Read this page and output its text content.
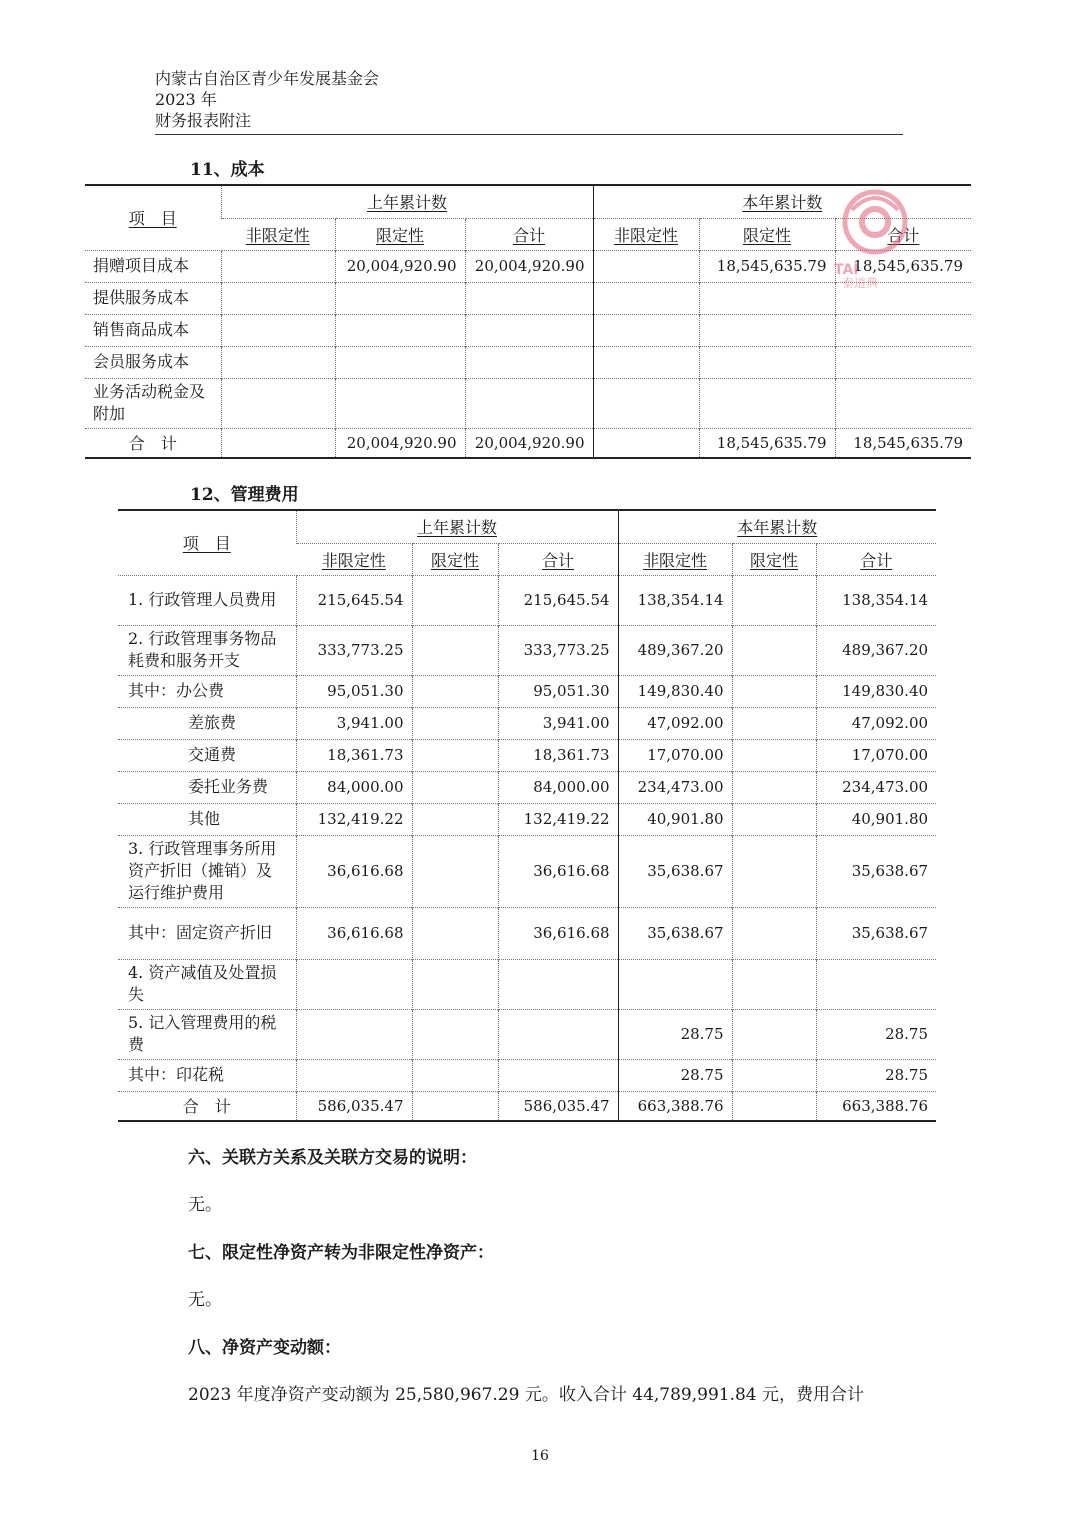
内蒙古自治区青少年发展基金会
2023 年
财务报表附注
11、成本
项　目	上年累计数			本年累计数		
	非限定性	限定性	合计	非限定性	限定性	合计
捐赠项目成本		20,004,920.90	20,004,920.90		18,545,635.79	18,545,635.79
提供服务成本						
销售商品成本						
会员服务成本						
业务活动税金及附加						
合　计		20,004,920.90	20,004,920.90		18,545,635.79	18,545,635.79
TAI
泰道典
12、管理费用
项　目	上年累计数			本年累计数		
	非限定性	限定性	合计	非限定性	限定性	合计
1. 行政管理人员费用	215,645.54		215,645.54	138,354.14		138,354.14
2. 行政管理事务物品耗费和服务开支	333,773.25		333,773.25	489,367.20		489,367.20
其中：办公费	95,051.30		95,051.30	149,830.40		149,830.40
差旅费	3,941.00		3,941.00	47,092.00		47,092.00
交通费	18,361.73		18,361.73	17,070.00		17,070.00
委托业务费	84,000.00		84,000.00	234,473.00		234,473.00
其他	132,419.22		132,419.22	40,901.80		40,901.80
3. 行政管理事务所用资产折旧（摊销）及运行维护费用	36,616.68		36,616.68	35,638.67		35,638.67
其中：固定资产折旧	36,616.68		36,616.68	35,638.67		35,638.67
4. 资产减值及处置损失						
5. 记入管理费用的税费				28.75		28.75
其中：印花税				28.75		28.75
合　计	586,035.47		586,035.47	663,388.76		663,388.76
六、关联方关系及关联方交易的说明：
无。
七、限定性净资产转为非限定性净资产：
无。
八、净资产变动额：
2023 年度净资产变动额为 25,580,967.29 元。收入合计 44,789,991.84 元，费用合计
16
